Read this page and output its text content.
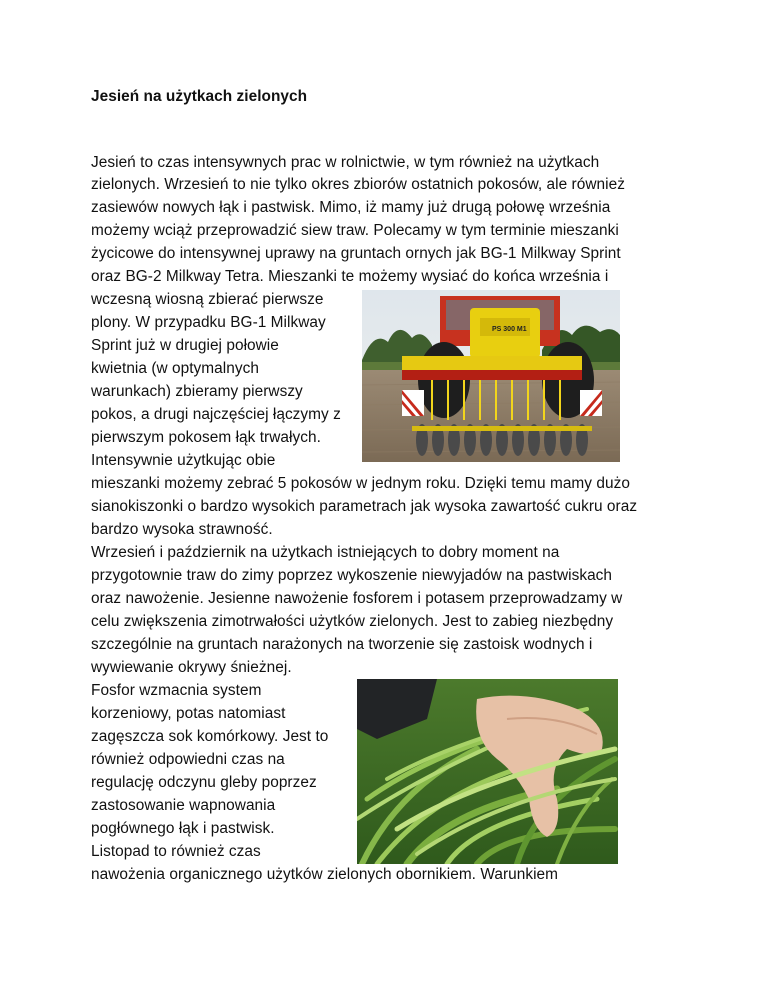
Jesień na użytkach zielonych
Jesień to czas intensywnych prac w rolnictwie, w tym również na użytkach
zielonych. Wrzesień to nie tylko okres zbiorów ostatnich pokosów, ale również
zasiewów nowych łąk i pastwisk. Mimo, iż mamy już drugą połowę września
możemy wciąż przeprowadzić siew traw. Polecamy w tym terminie mieszanki
życicowe do intensywnej uprawy na gruntach ornych jak BG-1 Milkway Sprint
oraz BG-2 Milkway Tetra. Mieszanki te możemy wysiać do końca września i
wczesną wiosną zbierać pierwsze
plony. W przypadku BG-1 Milkway
Sprint już w drugiej połowie
kwietnia (w optymalnych
warunkach) zbieramy pierwszy
pokos, a drugi najczęściej łączymy z
pierwszym pokosem łąk trwałych.
Intensywnie użytkując obie
mieszanki możemy zebrać 5 pokosów w jednym roku. Dzięki temu mamy dużo
sianokiszonki o bardzo wysokich parametrach jak wysoka zawartość cukru oraz
bardzo wysoka strawność.
Wrzesień i październik na użytkach istniejących to dobry moment na
przygotownie traw do zimy poprzez wykoszenie niewyjadów na pastwiskach
oraz nawożenie. Jesienne nawożenie fosforem i potasem przeprowadzamy w
celu zwiększenia zimotrwałości użytków zielonych. Jest to zabieg niezbędny
szczególnie na gruntach narażonych na tworzenie się zastoisk wodnych i
wywiewanie okrywy śnieżnej.
Fosfor wzmacnia system
korzeniowy, potas natomiast
zagęszcza sok komórkowy. Jest to
również odpowiedni czas na
regulację odczynu gleby poprzez
zastosowanie wapnowania
pogłównego łąk i pastwisk.
Listopad to również czas
nawożenia organicznego użytków zielonych obornikiem. Warunkiem
PS 300 M1
